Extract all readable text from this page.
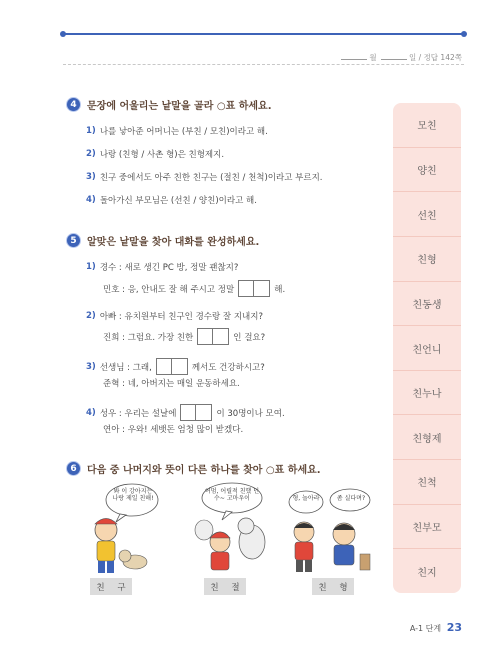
월	일 / 정답 142쪽
모친
양친
선친
친형
친동생
친언니
친누나
친형제
친척
친부모
친지
4	문장에 어울리는 낱말을 골라 ○표 하세요.
1) 나를 낳아준 어머니는 (부친 / 모친)이라고 해.
2) 나랑 (친형 / 사촌 형)은 친형제지.
3) 친구 중에서도 아주 친한 친구는 (절친 / 천척)이라고 부르지.
4) 돌아가신 부모님은 (선친 / 양친)이라고 해.
5	알맞은 낱말을 찾아 대화를 완성하세요.
1) 경수 : 새로 생긴 PC 방, 정말 괜찮지?
민호 : 응, 안내도 잘 해 주시고 정말	해.
2) 아빠 : 유치원부터 친구인 경수랑 잘 지내지?
진희 : 그럼요. 가장 친한	인 걸요?
3) 선생님 : 그래,	께서도 건강하시고?
준혁 : 네, 아버지는 매일 운동하세요.
4) 성우 : 우리는 설날에	이 30명이나 모여.
연아 : 우와! 세뱃돈 엄청 많이 받겠다.
6	다음 중 나머지와 뜻이 다른 하나를 찾아 ○표 하세요.
봐 이 강아지는 나랑 제일 친해!
어멈, 어릴적 친했 던 수~ 고마우이	형, 놀아라	좀 실다며?
친	구	친	절	친	형
A-1 단계 23
